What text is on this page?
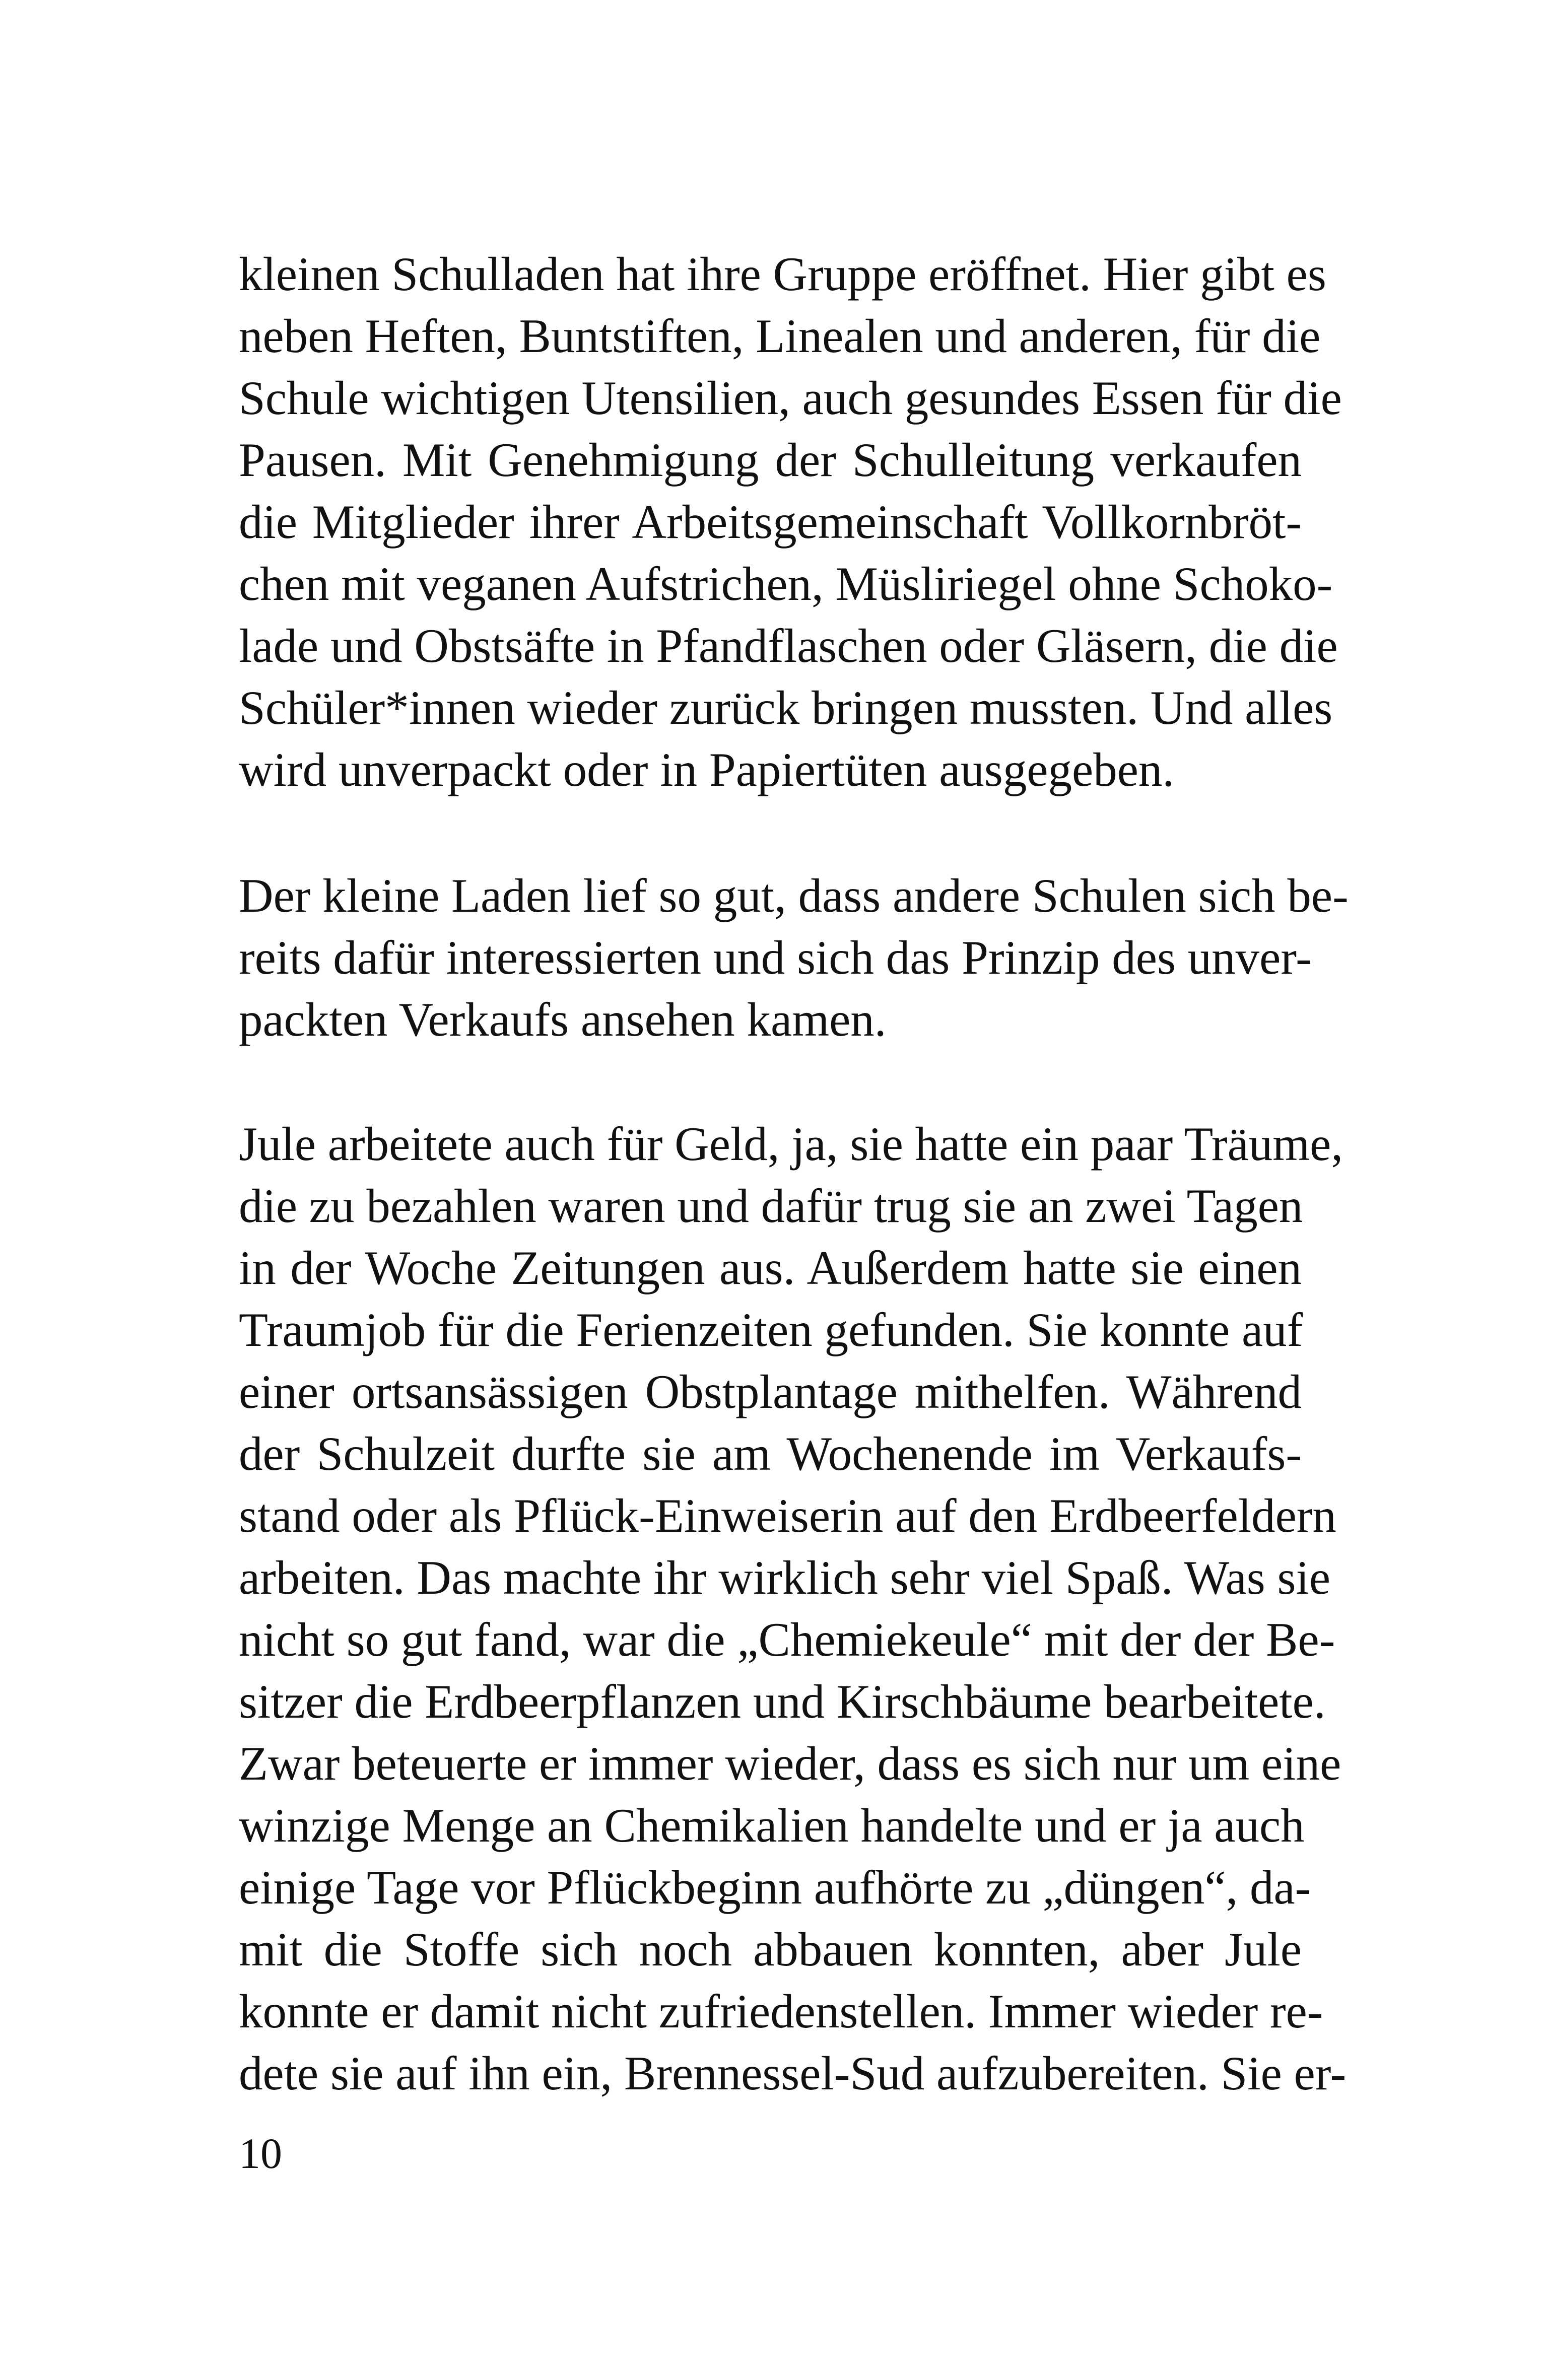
kleinen Schulladen hat ihre Gruppe eröffnet. Hier gibt es
neben Heften, Buntstiften, Linealen und anderen, für die
Schule wichtigen Utensilien, auch gesundes Essen für die
Pausen. Mit Genehmigung der Schulleitung verkaufen
die Mitglieder ihrer Arbeitsgemeinschaft Vollkornbröt-
chen mit veganen Aufstrichen, Müsliriegel ohne Schoko-
lade und Obstsäfte in Pfandflaschen oder Gläsern, die die
Schüler*innen wieder zurück bringen mussten. Und alles
wird unverpackt oder in Papiertüten ausgegeben.
Der kleine Laden lief so gut, dass andere Schulen sich be-
reits dafür interessierten und sich das Prinzip des unver-
packten Verkaufs ansehen kamen.
Jule arbeitete auch für Geld, ja, sie hatte ein paar Träume,
die zu bezahlen waren und dafür trug sie an zwei Tagen
in der Woche Zeitungen aus. Außerdem hatte sie einen
Traumjob für die Ferienzeiten gefunden. Sie konnte auf
einer ortsansässigen Obstplantage mithelfen. Während
der Schulzeit durfte sie am Wochenende im Verkaufs-
stand oder als Pflück-Einweiserin auf den Erdbeerfeldern
arbeiten. Das machte ihr wirklich sehr viel Spaß. Was sie
nicht so gut fand, war die „Chemiekeule“ mit der der Be-
sitzer die Erdbeerpflanzen und Kirschbäume bearbeitete.
Zwar beteuerte er immer wieder, dass es sich nur um eine
winzige Menge an Chemikalien handelte und er ja auch
einige Tage vor Pflückbeginn aufhörte zu „düngen“, da-
mit die Stoffe sich noch abbauen konnten, aber Jule
konnte er damit nicht zufriedenstellen. Immer wieder re-
dete sie auf ihn ein, Brennessel-Sud aufzubereiten. Sie er-
10
